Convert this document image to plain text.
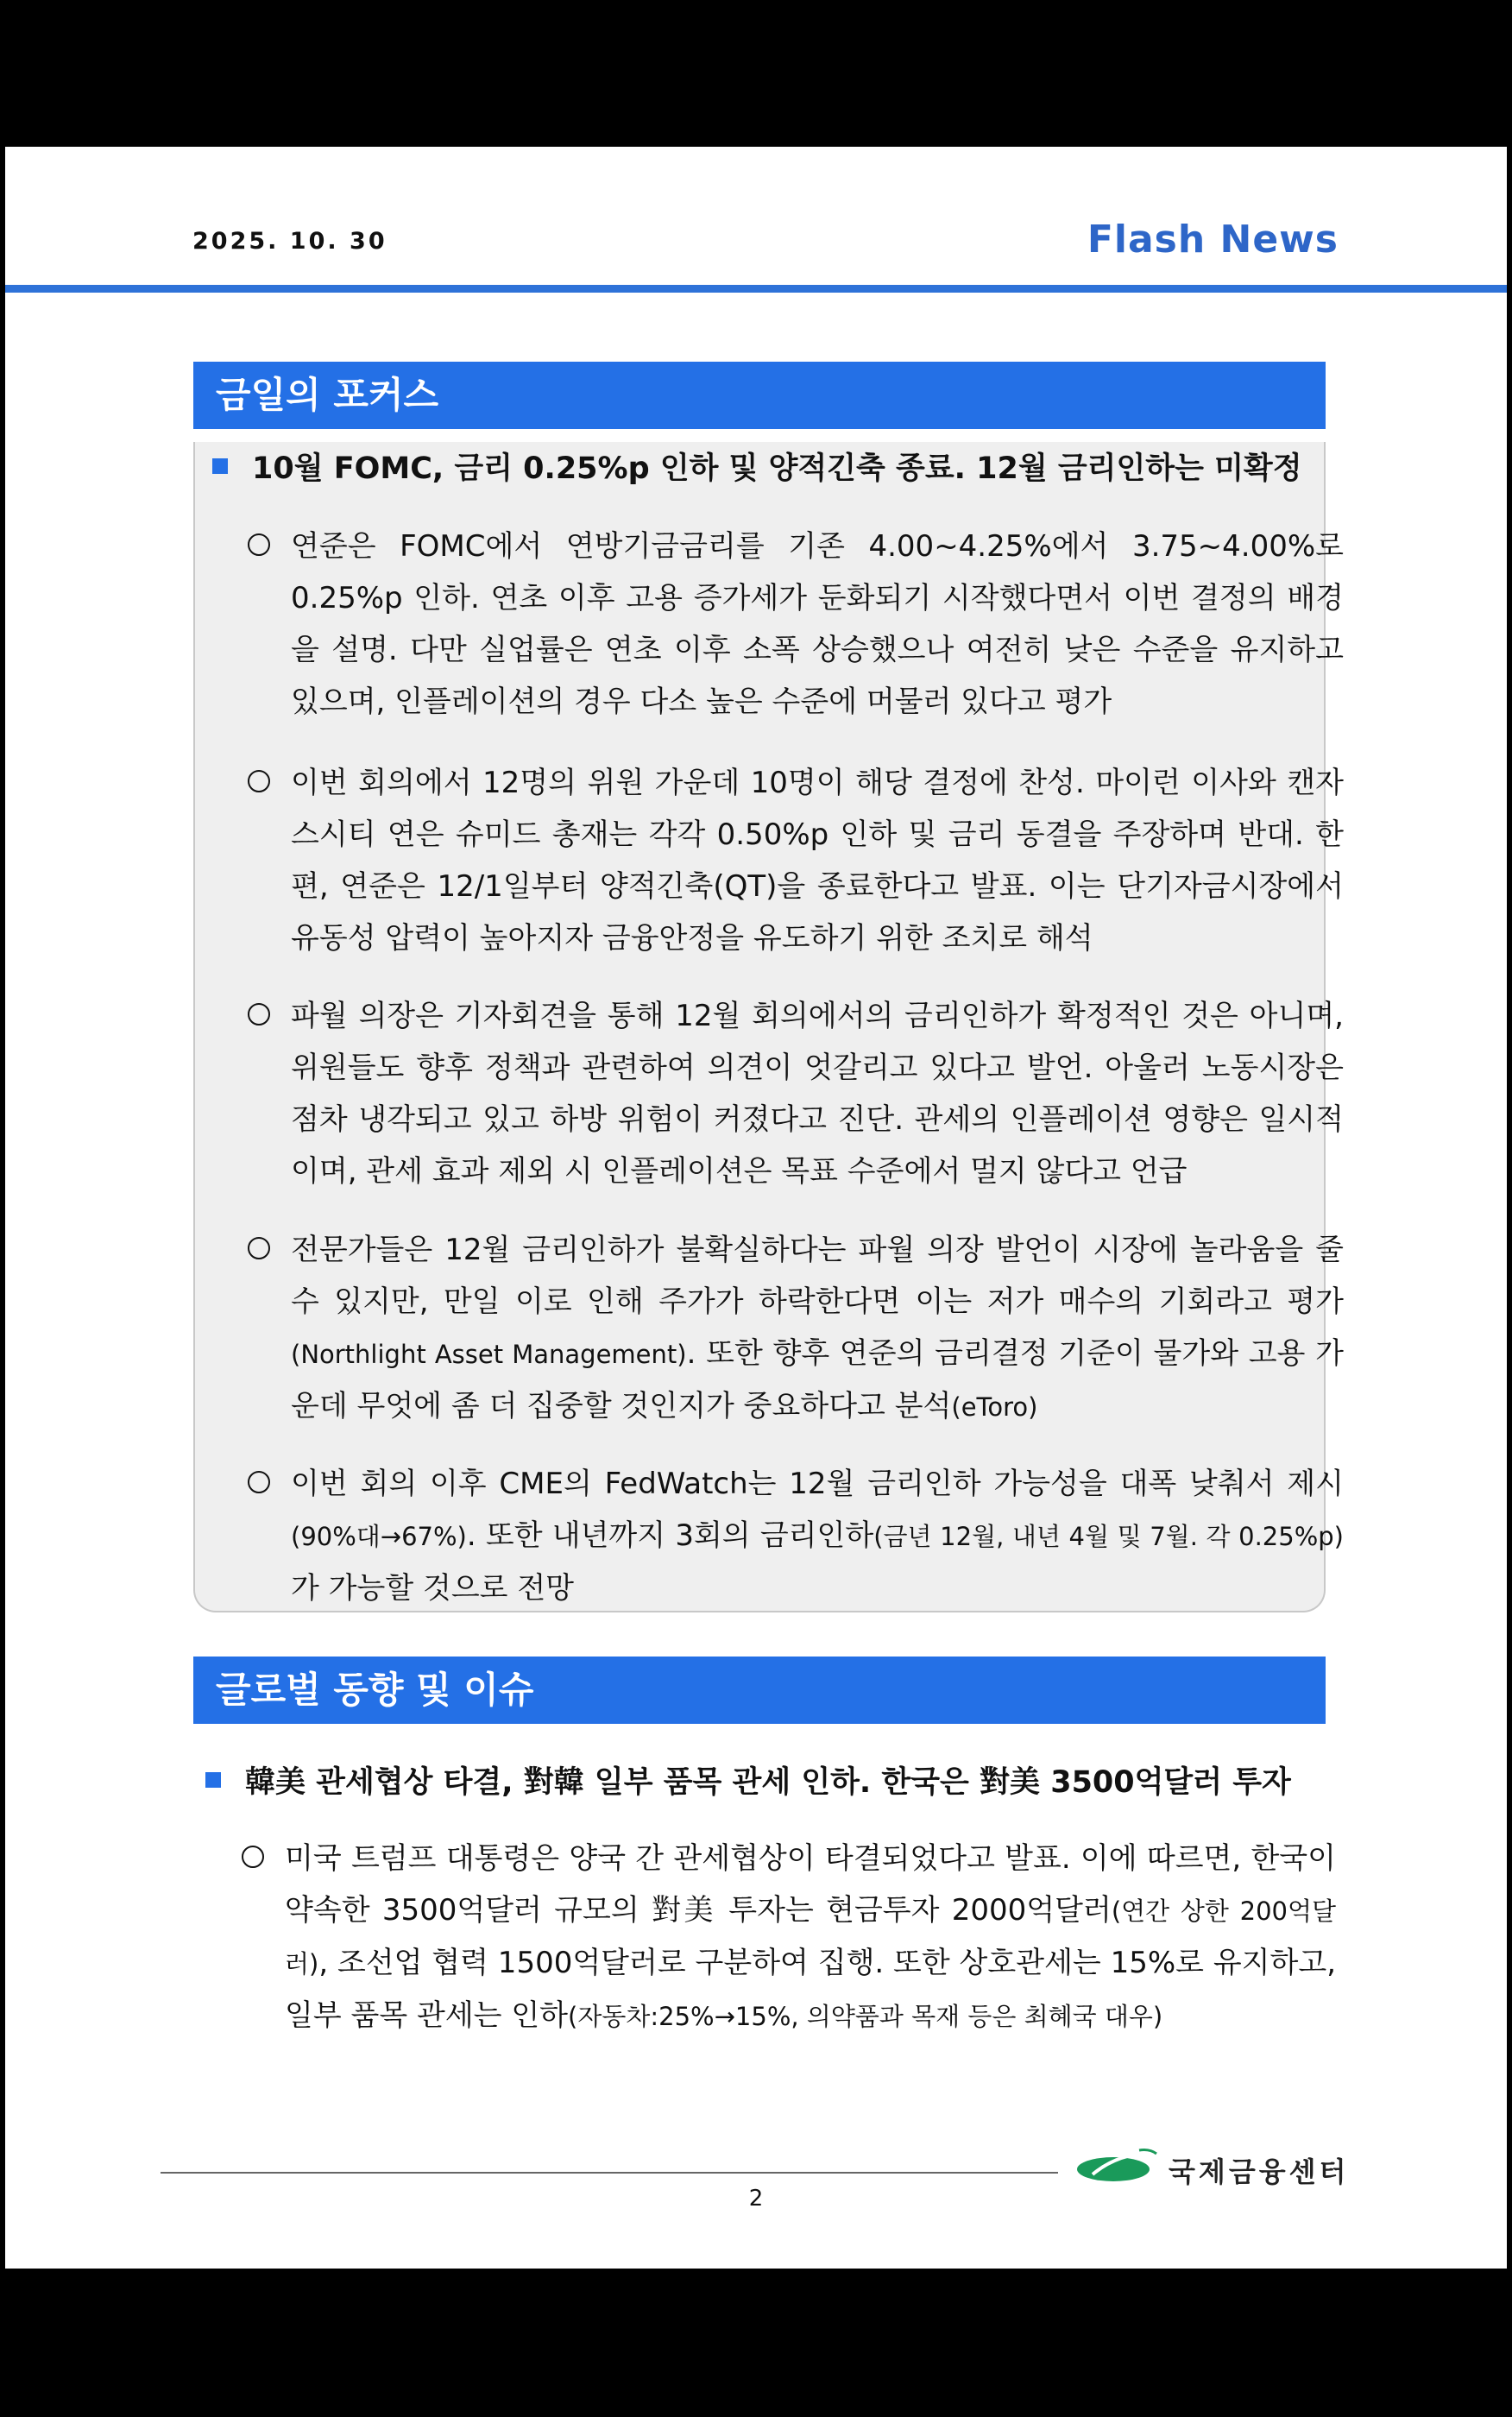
2025. 10. 30	Flash News
금일의 포커스
10월 FOMC, 금리 0.25%p 인하 및 양적긴축 종료. 12월 금리인하는 미확정
연준은 FOMC에서 연방기금금리를 기존 4.00~4.25%에서 3.75~4.00%로 0.25%p 인하. 연초 이후 고용 증가세가 둔화되기 시작했다면서 이번 결정의 배경을 설명. 다만 실업률은 연초 이후 소폭 상승했으나 여전히 낮은 수준을 유지하고 있으며, 인플레이션의 경우 다소 높은 수준에 머물러 있다고 평가
이번 회의에서 12명의 위원 가운데 10명이 해당 결정에 찬성. 마이런 이사와 캔자스시티 연은 슈미드 총재는 각각 0.50%p 인하 및 금리 동결을 주장하며 반대. 한편, 연준은 12/1일부터 양적긴축(QT)을 종료한다고 발표. 이는 단기자금시장에서 유동성 압력이 높아지자 금융안정을 유도하기 위한 조치로 해석
파월 의장은 기자회견을 통해 12월 회의에서의 금리인하가 확정적인 것은 아니며, 위원들도 향후 정책과 관련하여 의견이 엇갈리고 있다고 발언. 아울러 노동시장은 점차 냉각되고 있고 하방 위험이 커졌다고 진단. 관세의 인플레이션 영향은 일시적이며, 관세 효과 제외 시 인플레이션은 목표 수준에서 멀지 않다고 언급
전문가들은 12월 금리인하가 불확실하다는 파월 의장 발언이 시장에 놀라움을 줄 수 있지만, 만일 이로 인해 주가가 하락한다면 이는 저가 매수의 기회라고 평가(Northlight Asset Management). 또한 향후 연준의 금리결정 기준이 물가와 고용 가운데 무엇에 좀 더 집중할 것인지가 중요하다고 분석(eToro)
이번 회의 이후 CME의 FedWatch는 12월 금리인하 가능성을 대폭 낮춰서 제시(90%대→67%). 또한 내년까지 3회의 금리인하(금년 12월, 내년 4월 및 7월. 각 0.25%p)가 가능할 것으로 전망
글로벌 동향 및 이슈
韓美 관세협상 타결, 對韓 일부 품목 관세 인하. 한국은 對美 3500억달러 투자
미국 트럼프 대통령은 양국 간 관세협상이 타결되었다고 발표. 이에 따르면, 한국이 약속한 3500억달러 규모의 對美 투자는 현금투자 2000억달러(연간 상한 200억달러), 조선업 협력 1500억달러로 구분하여 집행. 또한 상호관세는 15%로 유지하고, 일부 품목 관세는 인하(자동차:25%→15%, 의약품과 목재 등은 최혜국 대우)
국제금융센터
2
